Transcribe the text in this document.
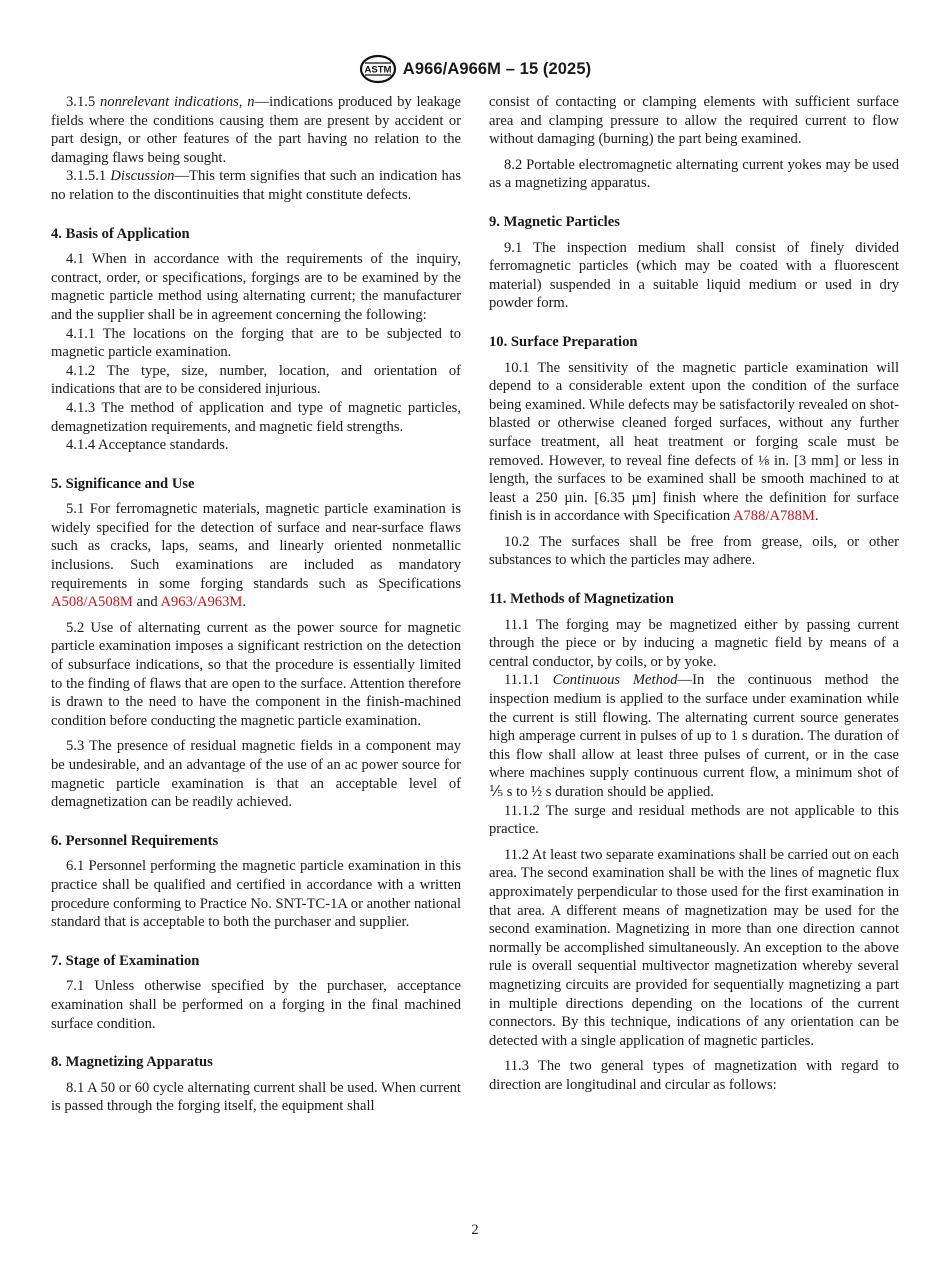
ASTM A966/A966M – 15 (2025)

3.1.5 nonrelevant indications, n—indications produced by leakage fields where the conditions causing them are present by accident or part design, or other features of the part having no relation to the damaging flaws being sought.

3.1.5.1 Discussion—This term signifies that such an indication has no relation to the discontinuities that might constitute defects.

4. Basis of Application

4.1 When in accordance with the requirements of the inquiry, contract, order, or specifications, forgings are to be examined by the magnetic particle method using alternating current; the manufacturer and the supplier shall be in agreement concerning the following:

4.1.1 The locations on the forging that are to be subjected to magnetic particle examination.

4.1.2 The type, size, number, location, and orientation of indications that are to be considered injurious.

4.1.3 The method of application and type of magnetic particles, demagnetization requirements, and magnetic field strengths.

4.1.4 Acceptance standards.

5. Significance and Use

5.1 For ferromagnetic materials, magnetic particle examination is widely specified for the detection of surface and near-surface flaws such as cracks, laps, seams, and linearly oriented nonmetallic inclusions. Such examinations are included as mandatory requirements in some forging standards such as Specifications A508/A508M and A963/A963M.

5.2 Use of alternating current as the power source for magnetic particle examination imposes a significant restriction on the detection of subsurface indications, so that the procedure is essentially limited to the finding of flaws that are open to the surface. Attention therefore is drawn to the need to have the component in the finish-machined condition before conducting the magnetic particle examination.

5.3 The presence of residual magnetic fields in a component may be undesirable, and an advantage of the use of an ac power source for magnetic particle examination is that an acceptable level of demagnetization can be readily achieved.

6. Personnel Requirements

6.1 Personnel performing the magnetic particle examination in this practice shall be qualified and certified in accordance with a written procedure conforming to Practice No. SNT-TC-1A or another national standard that is acceptable to both the purchaser and supplier.

7. Stage of Examination

7.1 Unless otherwise specified by the purchaser, acceptance examination shall be performed on a forging in the final machined surface condition.

8. Magnetizing Apparatus

8.1 A 50 or 60 cycle alternating current shall be used. When current is passed through the forging itself, the equipment shall

consist of contacting or clamping elements with sufficient surface area and clamping pressure to allow the required current to flow without damaging (burning) the part being examined.

8.2 Portable electromagnetic alternating current yokes may be used as a magnetizing apparatus.

9. Magnetic Particles

9.1 The inspection medium shall consist of finely divided ferromagnetic particles (which may be coated with a fluorescent material) suspended in a suitable liquid medium or used in dry powder form.

10. Surface Preparation

10.1 The sensitivity of the magnetic particle examination will depend to a considerable extent upon the condition of the surface being examined. While defects may be satisfactorily revealed on shot-blasted or otherwise cleaned forged surfaces, without any further surface treatment, all heat treatment or forging scale must be removed. However, to reveal fine defects of ⅛ in. [3 mm] or less in length, the surfaces to be examined shall be smooth machined to at least a 250 µin. [6.35 µm] finish where the definition for surface finish is in accordance with Specification A788/A788M.

10.2 The surfaces shall be free from grease, oils, or other substances to which the particles may adhere.

11. Methods of Magnetization

11.1 The forging may be magnetized either by passing current through the piece or by inducing a magnetic field by means of a central conductor, by coils, or by yoke.

11.1.1 Continuous Method—In the continuous method the inspection medium is applied to the surface under examination while the current is still flowing. The alternating current source generates high amperage current in pulses of up to 1 s duration. The duration of this flow shall allow at least three pulses of current, or in the case where machines supply continuous current flow, a minimum shot of ⅕ s to ½ s duration should be applied.

11.1.2 The surge and residual methods are not applicable to this practice.

11.2 At least two separate examinations shall be carried out on each area. The second examination shall be with the lines of magnetic flux approximately perpendicular to those used for the first examination in that area. A different means of magnetization may be used for the second examination. Magnetizing in more than one direction cannot normally be accomplished simultaneously. An exception to the above rule is overall sequential multivector magnetization whereby several magnetizing circuits are provided for sequentially magnetizing a part in multiple directions depending on the locations of the current connectors. By this technique, indications of any orientation can be detected with a single application of magnetic particles.

11.3 The two general types of magnetization with regard to direction are longitudinal and circular as follows:

2
